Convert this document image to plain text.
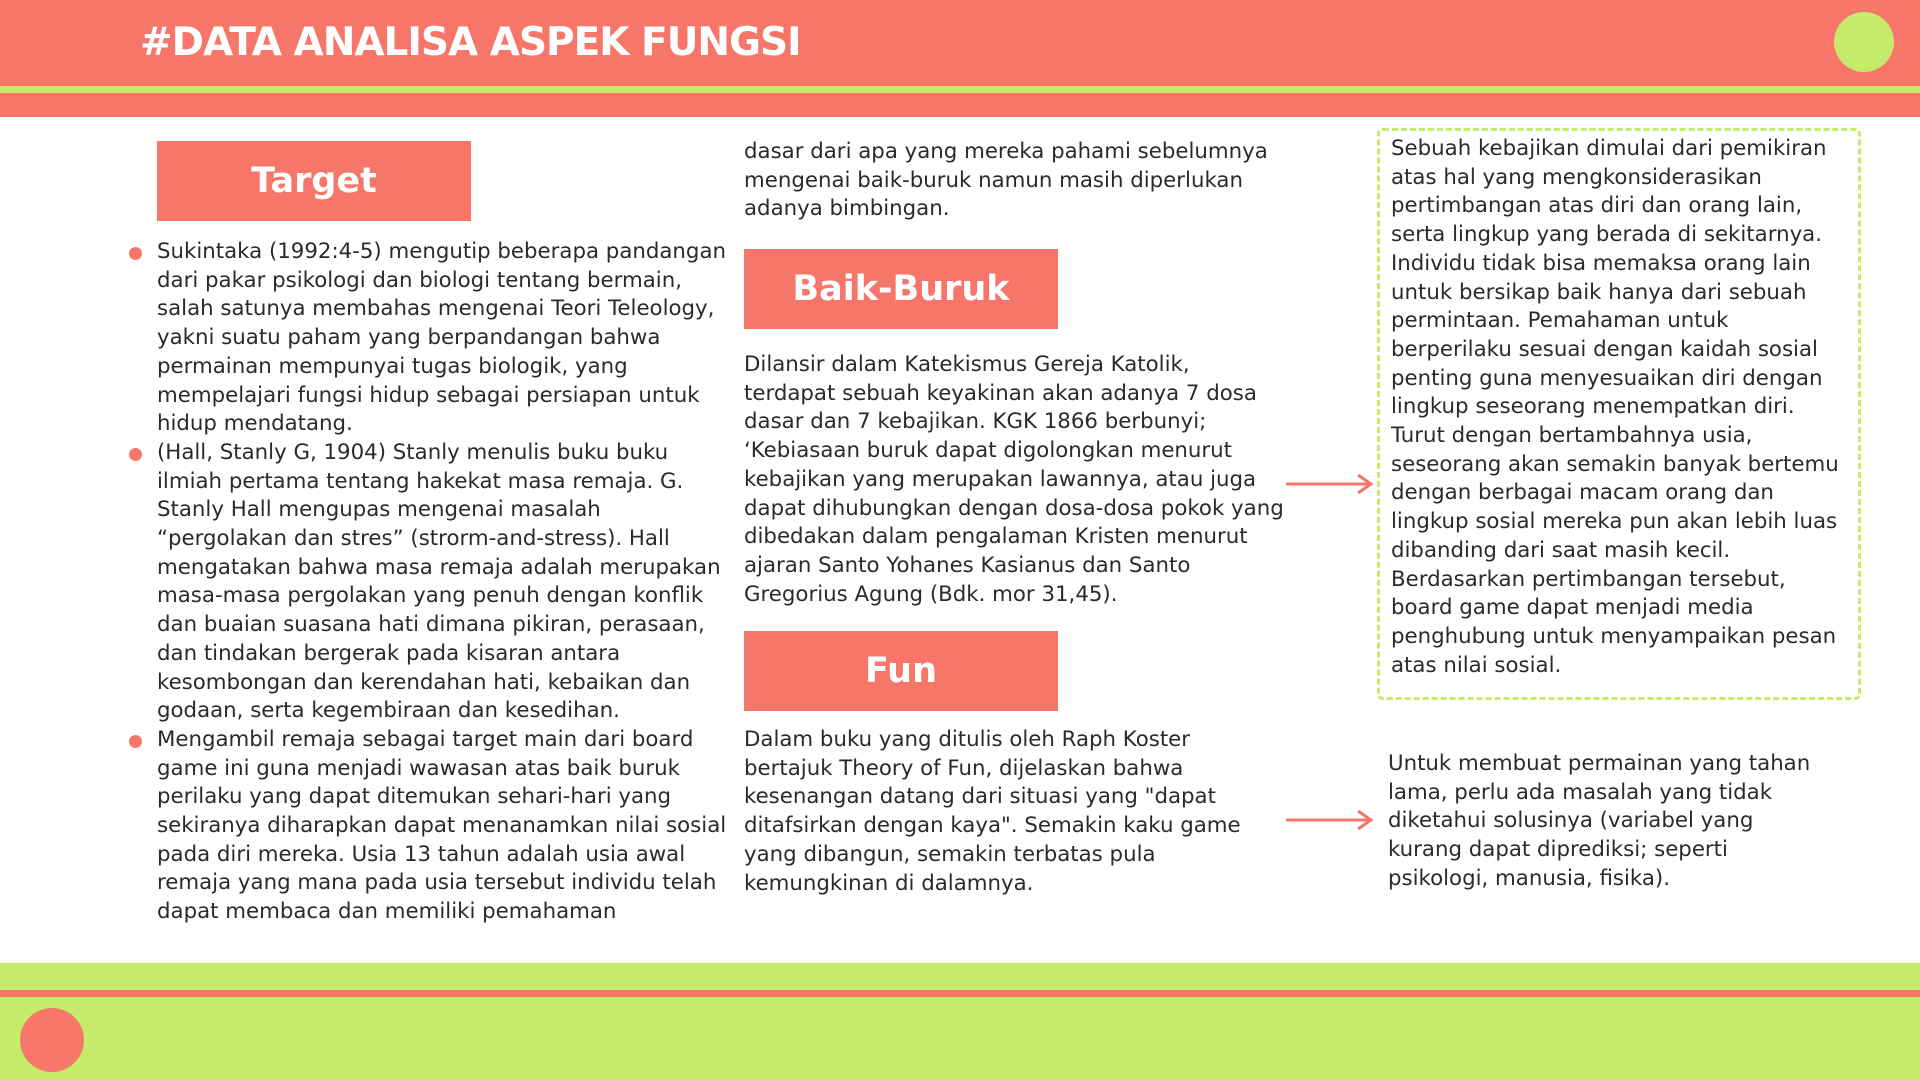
#DATA ANALISA ASPEK FUNGSI
Target
Sukintaka (1992:4-5) mengutip beberapa pandangan dari pakar psikologi dan biologi tentang bermain, salah satunya membahas mengenai Teori Teleology, yakni suatu paham yang berpandangan bahwa permainan mempunyai tugas biologik, yang mempelajari fungsi hidup sebagai persiapan untuk hidup mendatang.
(Hall, Stanly G, 1904) Stanly menulis buku buku ilmiah pertama tentang hakekat masa remaja. G. Stanly Hall mengupas mengenai masalah “pergolakan dan stres” (strorm-and-stress). Hall mengatakan bahwa masa remaja adalah merupakan masa-masa pergolakan yang penuh dengan konflik dan buaian suasana hati dimana pikiran, perasaan, dan tindakan bergerak pada kisaran antara kesombongan dan kerendahan hati, kebaikan dan godaan, serta kegembiraan dan kesedihan.
Mengambil remaja sebagai target main dari board game ini guna menjadi wawasan atas baik buruk perilaku yang dapat ditemukan sehari-hari yang sekiranya diharapkan dapat menanamkan nilai sosial pada diri mereka. Usia 13 tahun adalah usia awal remaja yang mana pada usia tersebut individu telah dapat membaca dan memiliki pemahaman
dasar dari apa yang mereka pahami sebelumnya mengenai baik-buruk namun masih diperlukan adanya bimbingan.
Baik-Buruk
Dilansir dalam Katekismus Gereja Katolik, terdapat sebuah keyakinan akan adanya 7 dosa dasar dan 7 kebajikan. KGK 1866 berbunyi; ‘Kebiasaan buruk dapat digolongkan menurut kebajikan yang merupakan lawannya, atau juga dapat dihubungkan dengan dosa-dosa pokok yang dibedakan dalam pengalaman Kristen menurut ajaran Santo Yohanes Kasianus dan Santo Gregorius Agung (Bdk. mor 31,45).
Fun
Dalam buku yang ditulis oleh Raph Koster bertajuk Theory of Fun, dijelaskan bahwa kesenangan datang dari situasi yang "dapat ditafsirkan dengan kaya". Semakin kaku game yang dibangun, semakin terbatas pula kemungkinan di dalamnya.
Sebuah kebajikan dimulai dari pemikiran atas hal yang mengkonsiderasikan pertimbangan atas diri dan orang lain, serta lingkup yang berada di sekitarnya. Individu tidak bisa memaksa orang lain untuk bersikap baik hanya dari sebuah permintaan. Pemahaman untuk berperilaku sesuai dengan kaidah sosial penting guna menyesuaikan diri dengan lingkup seseorang menempatkan diri. Turut dengan bertambahnya usia, seseorang akan semakin banyak bertemu dengan berbagai macam orang dan lingkup sosial mereka pun akan lebih luas dibanding dari saat masih kecil. Berdasarkan pertimbangan tersebut, board game dapat menjadi media penghubung untuk menyampaikan pesan atas nilai sosial.
Untuk membuat permainan yang tahan lama, perlu ada masalah yang tidak diketahui solusinya (variabel yang kurang dapat diprediksi; seperti psikologi, manusia, fisika).
